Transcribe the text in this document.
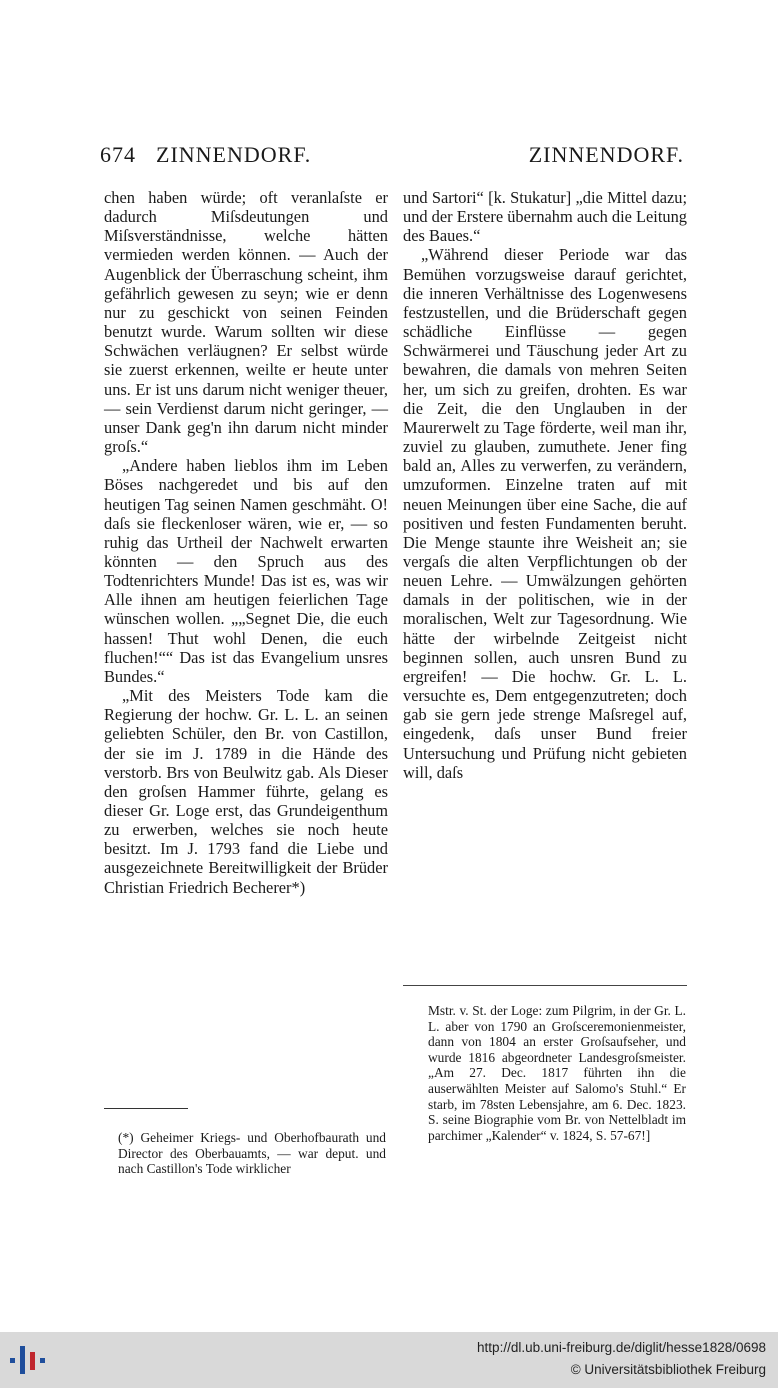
674 ZINNENDORF.	ZINNENDORF.

chen haben würde; oft veranlaſste er dadurch Miſsdeutungen und Miſsverständnisse, welche hätten vermieden werden können. — Auch der Augenblick der Überraschung scheint, ihm gefährlich gewesen zu seyn; wie er denn nur zu geschickt von seinen Feinden benutzt wurde. Warum sollten wir diese Schwächen verläugnen? Er selbst würde sie zuerst erkennen, weilte er heute unter uns. Er ist uns darum nicht weniger theuer, — sein Verdienst darum nicht geringer, — unser Dank geg'n ihn darum nicht minder groſs.“

„Andere haben lieblos ihm im Leben Böses nachgeredet und bis auf den heutigen Tag seinen Namen geschmäht. O! daſs sie fleckenloser wären, wie er, — so ruhig das Urtheil der Nachwelt erwarten könnten — den Spruch aus des Todtenrichters Munde! Das ist es, was wir Alle ihnen am heutigen feierlichen Tage wünschen wollen. „„Segnet Die, die euch hassen! Thut wohl Denen, die euch fluchen!““ Das ist das Evangelium unsres Bundes.“

„Mit des Meisters Tode kam die Regierung der hochw. Gr. L. L. an seinen geliebten Schüler, den Br. von Castillon, der sie im J. 1789 in die Hände des verstorb. Brs von Beulwitz gab. Als Dieser den groſsen Hammer führte, gelang es dieser Gr. Loge erst, das Grundeigenthum zu erwerben, welches sie noch heute besitzt. Im J. 1793 fand die Liebe und ausgezeichnete Bereitwilligkeit der Brüder Christian Friedrich Becherer*)

und Sartori“ [k. Stukatur] „die Mittel dazu; und der Erstere übernahm auch die Leitung des Baues.“

„Während dieser Periode war das Bemühen vorzugsweise darauf gerichtet, die inneren Verhältnisse des Logenwesens festzustellen, und die Brüderschaft gegen schädliche Einflüsse — gegen Schwärmerei und Täuschung jeder Art zu bewahren, die damals von mehren Seiten her, um sich zu greifen, drohten. Es war die Zeit, die den Unglauben in der Maurerwelt zu Tage förderte, weil man ihr, zuviel zu glauben, zumuthete. Jener fing bald an, Alles zu verwerfen, zu verändern, umzuformen. Einzelne traten auf mit neuen Meinungen über eine Sache, die auf positiven und festen Fundamenten beruht. Die Menge staunte ihre Weisheit an; sie vergaſs die alten Verpflichtungen ob der neuen Lehre. — Umwälzungen gehörten damals in der politischen, wie in der moralischen, Welt zur Tagesordnung. Wie hätte der wirbelnde Zeitgeist nicht beginnen sollen, auch unsren Bund zu ergreifen! — Die hochw. Gr. L. L. versuchte es, Dem entgegenzutreten; doch gab sie gern jede strenge Maſsregel auf, eingedenk, daſs unser Bund freier Untersuchung und Prüfung nicht gebieten will, daſs

(*) Geheimer Kriegs- und Oberhofbaurath und Director des Oberbauamts, — war deput. und nach Castillon's Tode wirklicher

Mstr. v. St. der Loge: zum Pilgrim, in der Gr. L. L. aber von 1790 an Groſsceremonienmeister, dann von 1804 an erster Groſsaufseher, und wurde 1816 abgeordneter Landesgroſsmeister. „Am 27. Dec. 1817 führten ihn die auserwählten Meister auf Salomo's Stuhl.“ Er starb, im 78sten Lebensjahre, am 6. Dec. 1823. S. seine Biographie vom Br. von Nettelbladt im parchimer „Kalender“ v. 1824, S. 57-67!]

http://dl.ub.uni-freiburg.de/diglit/hesse1828/0698
© Universitätsbibliothek Freiburg
